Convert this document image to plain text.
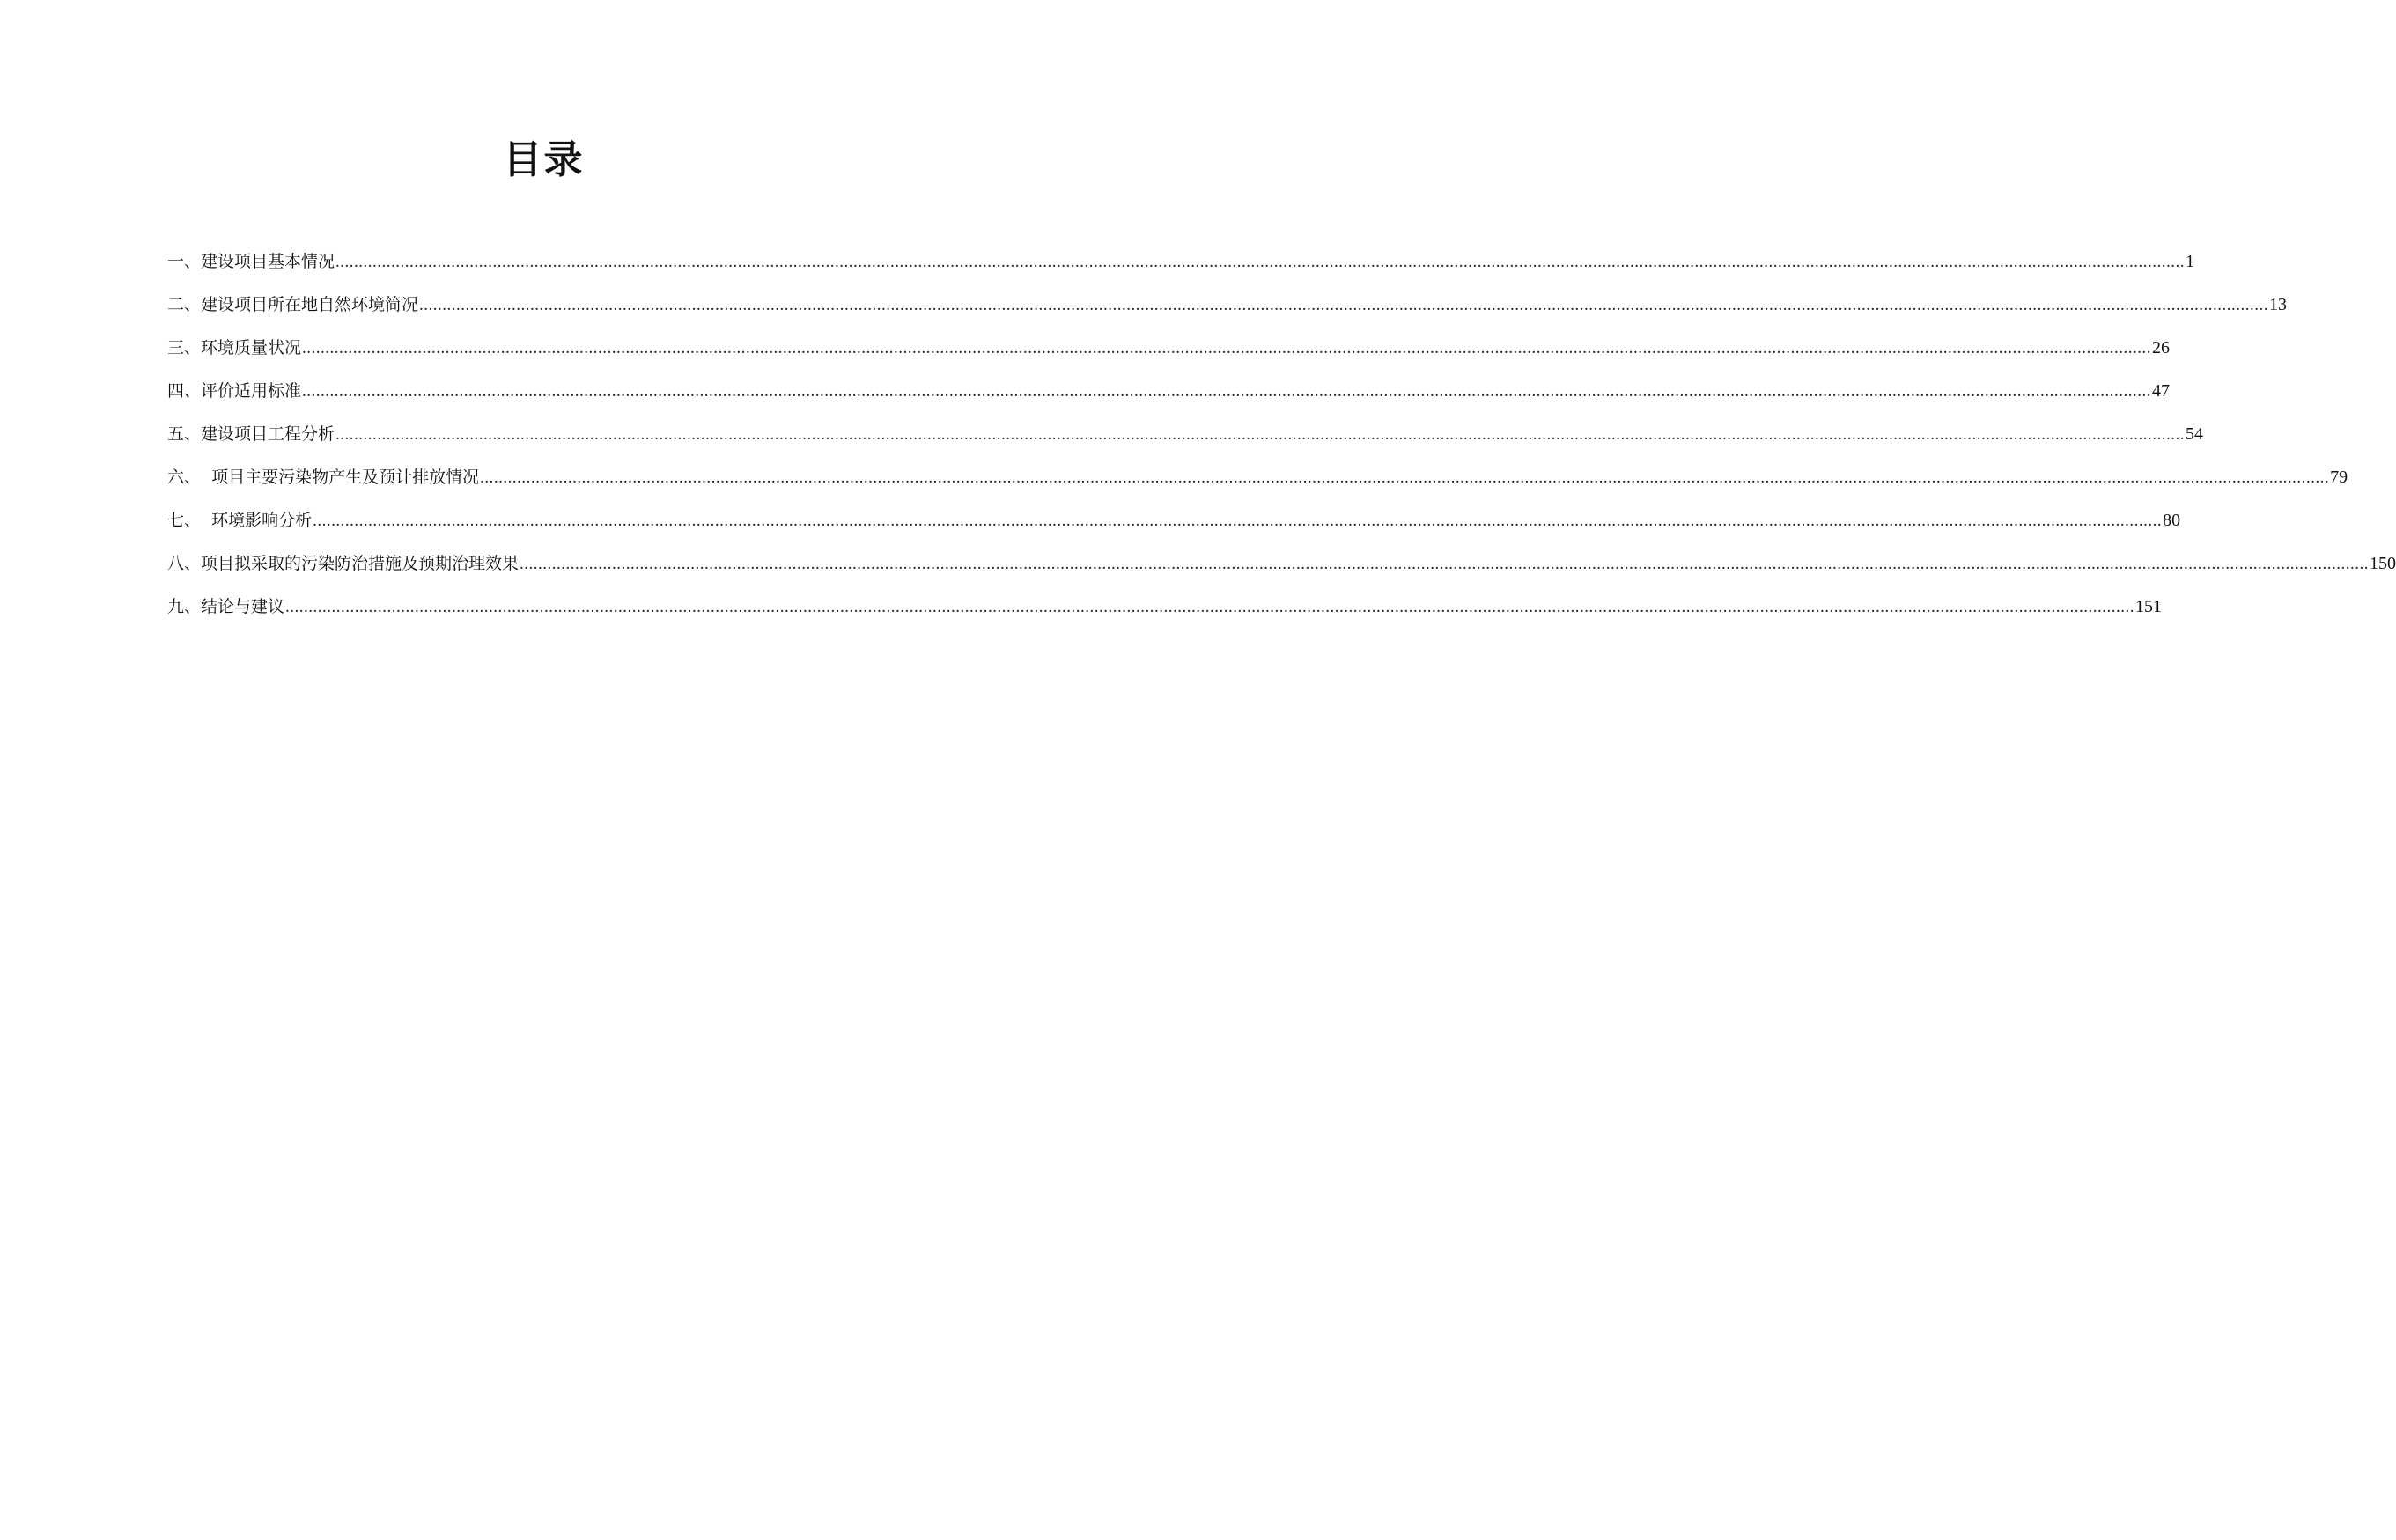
目录
一、建设项目基本情况 ................................................................................................................................................................................................................................................................................................................................................................................................................ 1
二、建设项目所在地自然环境简况 ................................................................................................................................................................................................................................................................................................................................................................................................................ 13
三、环境质量状况 ................................................................................................................................................................................................................................................................................................................................................................................................................ 26
四、评价适用标准 ................................................................................................................................................................................................................................................................................................................................................................................................................ 47
五、建设项目工程分析 ................................................................................................................................................................................................................................................................................................................................................................................................................ 54
六、  项目主要污染物产生及预计排放情况 ................................................................................................................................................................................................................................................................................................................................................................................................................ 79
七、  环境影响分析 ................................................................................................................................................................................................................................................................................................................................................................................................................ 80
八、项目拟采取的污染防治措施及预期治理效果 ................................................................................................................................................................................................................................................................................................................................................................................................................ 150
九、结论与建议 ................................................................................................................................................................................................................................................................................................................................................................................................................ 151
